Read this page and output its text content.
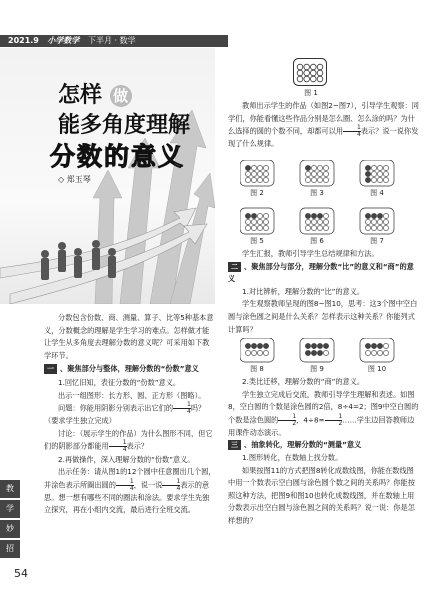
2021.9 小学数学 下半月 · 数学
怎样 做
能多角度理解
分数的意义
◇ 郑玉琴

分数包含份数、商、测量、算子、比等5种基本意义，分数概念的理解是学生学习的难点。怎样做才能让学生从多角度去理解分数的意义呢？可采用如下教学环节。

一 、聚焦部分与整体，理解分数的“份数”意义

1.回忆旧知，表征分数的“份数”意义。

出示一组图形：长方形、圆、正方形（图略）。

问题：你能用阴影分别表示出它们的 $\frac{1}{4}$ 吗？

（要求学生独立完成）

讨论：（展示学生的作品）为什么图形不同，但它们的阴影部分都能用 $\frac{1}{4}$ 表示？

2.再做操作，深入理解分数的“份数”意义。

出示任务：请从图1的12个圆中任意圈出几个圆，并涂色表示所圈出圆的 $\frac{1}{4}$ ，说一说 $\frac{1}{4}$ 表示的意思。想一想有哪些不同的圈法和涂法。要求学生先独立探究，再在小组内交流，最后进行全班交流。

教
学
妙
招
54
图 1

教师出示学生的作品（如图2~图7），引导学生观察：同学们，你能看懂这些作品分别是怎么圈、怎么涂的吗？为什么选择的圆的个数不同，却都可以用 $\frac{1}{4}$ 表示？说一说你发现了什么规律。

图 2	图 3	图 4
图 5	图 6	图 7

学生汇报，教师引导学生总结规律和方法。

二 、聚焦部分与部分，理解分数“比”的意义和“商”的意义

1.对比辨析，理解分数的“比”的意义。

学生观察教师呈现的图8~图10，思考：这3个图中空白圆与涂色圆之间是什么关系？怎样表示这种关系？你能列式计算吗？

图 8	图 9	图 10

2.类比迁移，理解分数的“商”的意义。

学生独立完成后交流，教师引导学生理解和表述。如图8，空白圆的个数是涂色圆的2倍，8÷4=2；图9中空白圆的个数是涂色圆的 $\frac{1}{2}$ ，$4\div 8= \frac{1}{2}$ ……学生边回答教师边用课件动态演示。

三 、抽象转化，理解分数的“测量”意义

1.图形转化，在数轴上找分数。

如果按图11的方式把图8转化成数线图，你能在数线图中用一个数表示空白圆与涂色圆个数之间的关系吗？你能按照这种方法，把图9和图10也转化成数线图，并在数轴上用分数表示出空白圆与涂色圆之间的关系吗？说一说：你是怎样想的？
